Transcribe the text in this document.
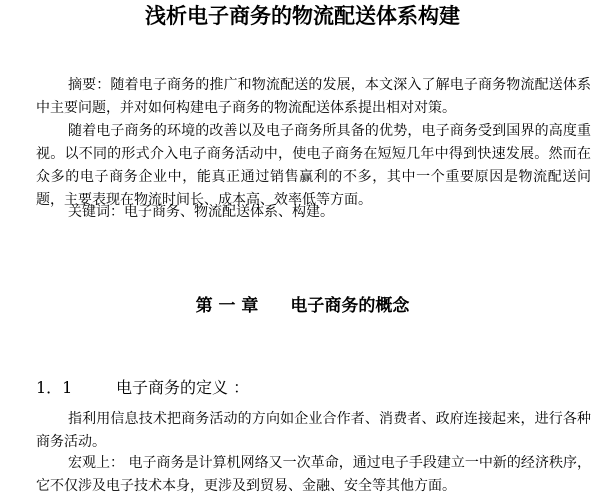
浅析电子商务的物流配送体系构建

摘要：随着电子商务的推广和物流配送的发展，本文深入了解电子商务物流配送体系中主要问题，并对如何构建电子商务的物流配送体系提出相对对策。

随着电子商务的环境的改善以及电子商务所具备的优势，电子商务受到国界的高度重视。以不同的形式介入电子商务活动中，使电子商务在短短几年中得到快速发展。然而在众多的电子商务企业中，能真正通过销售赢利的不多，其中一个重要原因是物流配送问题，主要表现在物流时间长、成本高、效率低等方面。

关键词：电子商务、物流配送体系、构建。

第 一 章 电子商务的概念
1．1	电子商务的定义 ：

指利用信息技术把商务活动的方向如企业合作者、消费者、政府连接起来，进行各种商务活动。

宏观上： 电子商务是计算机网络又一次革命，通过电子手段建立一中新的经济秩序，它不仅涉及电子技术本身，更涉及到贸易、金融、安全等其他方面。
